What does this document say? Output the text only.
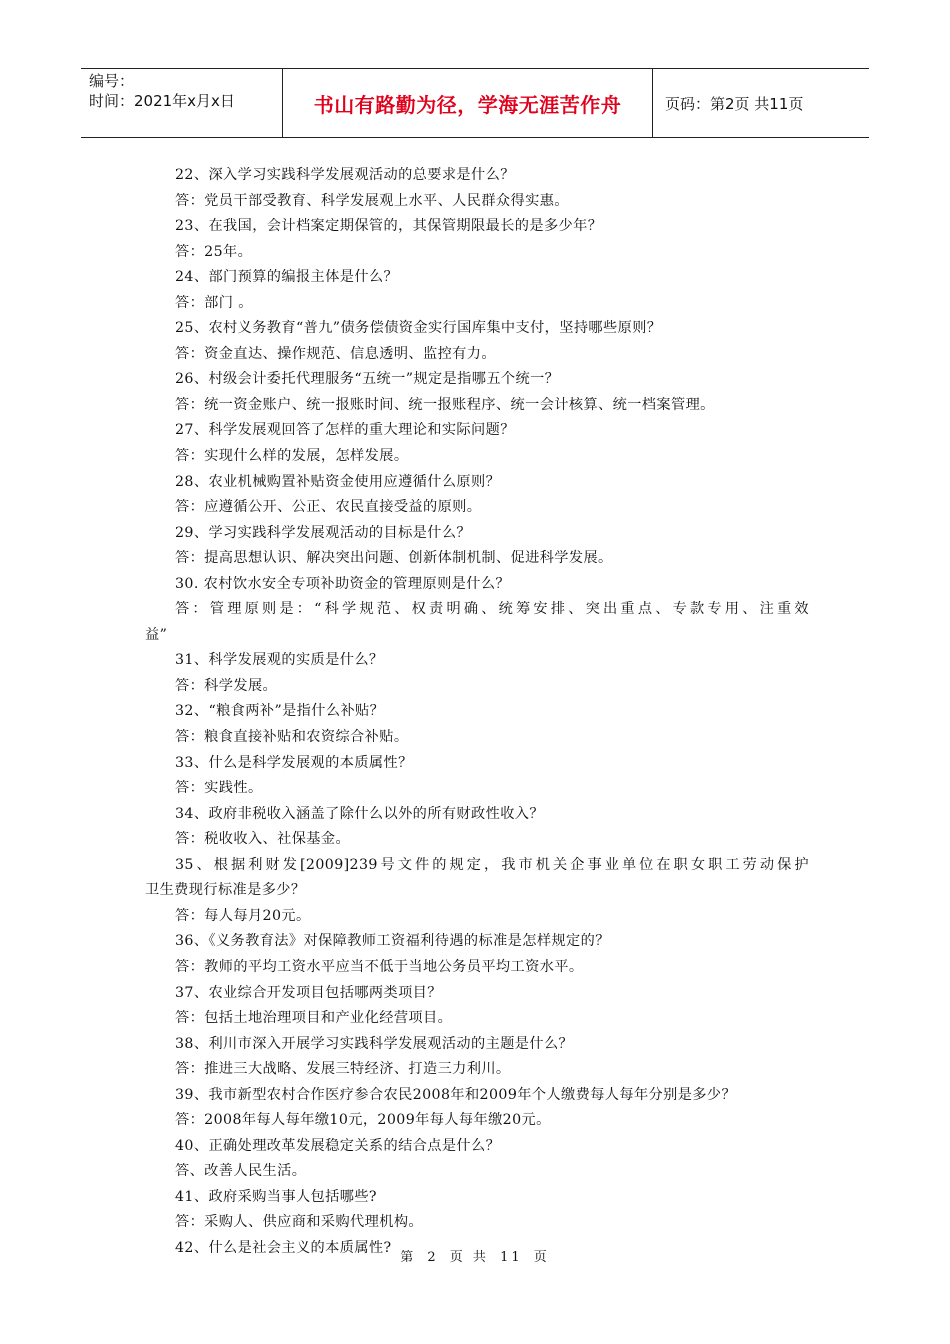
编号：
时间：2021年x月x日	书山有路勤为径，学海无涯苦作舟	页码：第2页 共11页
22、深入学习实践科学发展观活动的总要求是什么？
答：党员干部受教育、科学发展观上水平、人民群众得实惠。
23、在我国，会计档案定期保管的，其保管期限最长的是多少年？
答：25年。
24、部门预算的编报主体是什么？
答：部门 。
25、农村义务教育“普九”债务偿债资金实行国库集中支付，坚持哪些原则？
答：资金直达、操作规范、信息透明、监控有力。
26、村级会计委托代理服务“五统一”规定是指哪五个统一？
答：统一资金账户、统一报账时间、统一报账程序、统一会计核算、统一档案管理。
27、科学发展观回答了怎样的重大理论和实际问题？
答：实现什么样的发展，怎样发展。
28、农业机械购置补贴资金使用应遵循什么原则？
答：应遵循公开、公正、农民直接受益的原则。
29、学习实践科学发展观活动的目标是什么？
答：提高思想认识、解决突出问题、创新体制机制、促进科学发展。
30. 农村饮水安全专项补助资金的管理原则是什么？
答：管理原则是：“科学规范、权责明确、统筹安排、突出重点、专款专用、注重效
益”
31、科学发展观的实质是什么？
答：科学发展。
32、“粮食两补”是指什么补贴？
答：粮食直接补贴和农资综合补贴。
33、什么是科学发展观的本质属性？
答：实践性。
34、政府非税收入涵盖了除什么以外的所有财政性收入？
答：税收收入、社保基金。
35、根据利财发[2009]239号文件的规定，我市机关企事业单位在职女职工劳动保护
卫生费现行标准是多少？
答：每人每月20元。
36、《义务教育法》对保障教师工资福利待遇的标准是怎样规定的？
答：教师的平均工资水平应当不低于当地公务员平均工资水平。
37、农业综合开发项目包括哪两类项目？
答：包括土地治理项目和产业化经营项目。
38、利川市深入开展学习实践科学发展观活动的主题是什么？
答：推进三大战略、发展三特经济、打造三力利川。
39、我市新型农村合作医疗参合农民2008年和2009年个人缴费每人每年分别是多少？
答：2008年每人每年缴10元，2009年每人每年缴20元。
40、正确处理改革发展稳定关系的结合点是什么？
答、改善人民生活。
41、政府采购当事人包括哪些?
答：采购人、供应商和采购代理机构。
42、什么是社会主义的本质属性?
第 2 页 共 11 页
